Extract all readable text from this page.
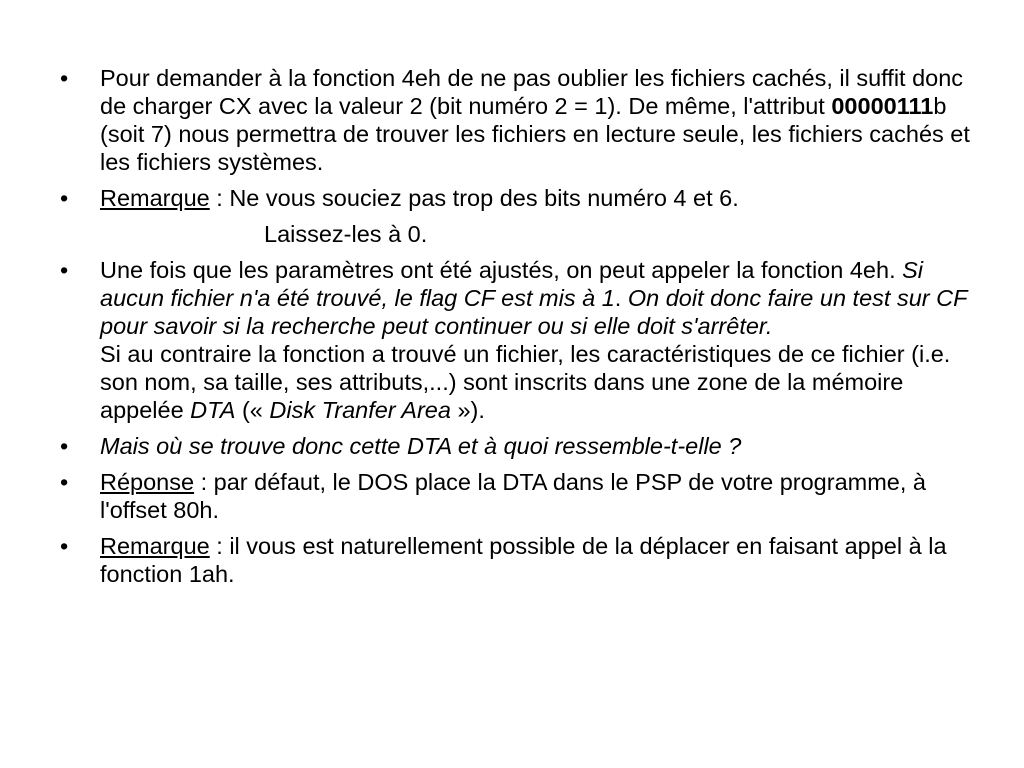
•	Pour demander à la fonction 4eh de ne pas oublier les fichiers cachés, il suffit donc de charger CX avec la valeur 2 (bit numéro 2 = 1). De même, l'attribut 00000111b (soit 7) nous permettra de trouver les fichiers en lecture seule, les fichiers cachés et les fichiers systèmes.
•	Remarque : Ne vous souciez pas trop des bits numéro 4 et 6.
Laissez-les à 0.
•	Une fois que les paramètres ont été ajustés, on peut appeler la fonction 4eh. Si aucun fichier n'a été trouvé, le flag CF est mis à 1. On doit donc faire un test sur CF pour savoir si la recherche peut continuer ou si elle doit s'arrêter.
Si au contraire la fonction a trouvé un fichier, les caractéristiques de ce fichier (i.e. son nom, sa taille, ses attributs,...) sont inscrits dans une zone de la mémoire appelée DTA (« Disk Tranfer Area »).
•	Mais où se trouve donc cette DTA et à quoi ressemble-t-elle ?
•	Réponse : par défaut, le DOS place la DTA dans le PSP de votre programme, à l'offset 80h.
•	Remarque : il vous est naturellement possible de la déplacer en faisant appel à la fonction 1ah.
